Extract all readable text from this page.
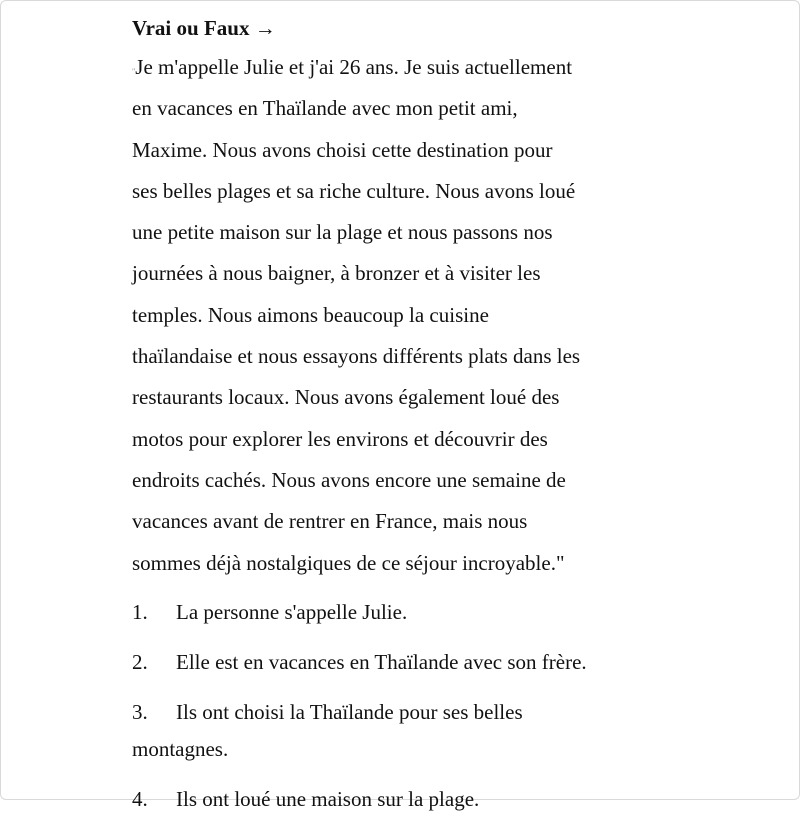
Vrai ou Faux →
"Je m'appelle Julie et j'ai 26 ans. Je suis actuellement
en vacances en Thaïlande avec mon petit ami,
Maxime. Nous avons choisi cette destination pour
ses belles plages et sa riche culture. Nous avons loué
une petite maison sur la plage et nous passons nos
journées à nous baigner, à bronzer et à visiter les
temples. Nous aimons beaucoup la cuisine
thaïlandaise et nous essayons différents plats dans les
restaurants locaux. Nous avons également loué des
motos pour explorer les environs et découvrir des
endroits cachés. Nous avons encore une semaine de
vacances avant de rentrer en France, mais nous
sommes déjà nostalgiques de ce séjour incroyable."
1. La personne s'appelle Julie.
2. Elle est en vacances en Thaïlande avec son frère.
3. Ils ont choisi la Thaïlande pour ses belles
montagnes.
4. Ils ont loué une maison sur la plage.
